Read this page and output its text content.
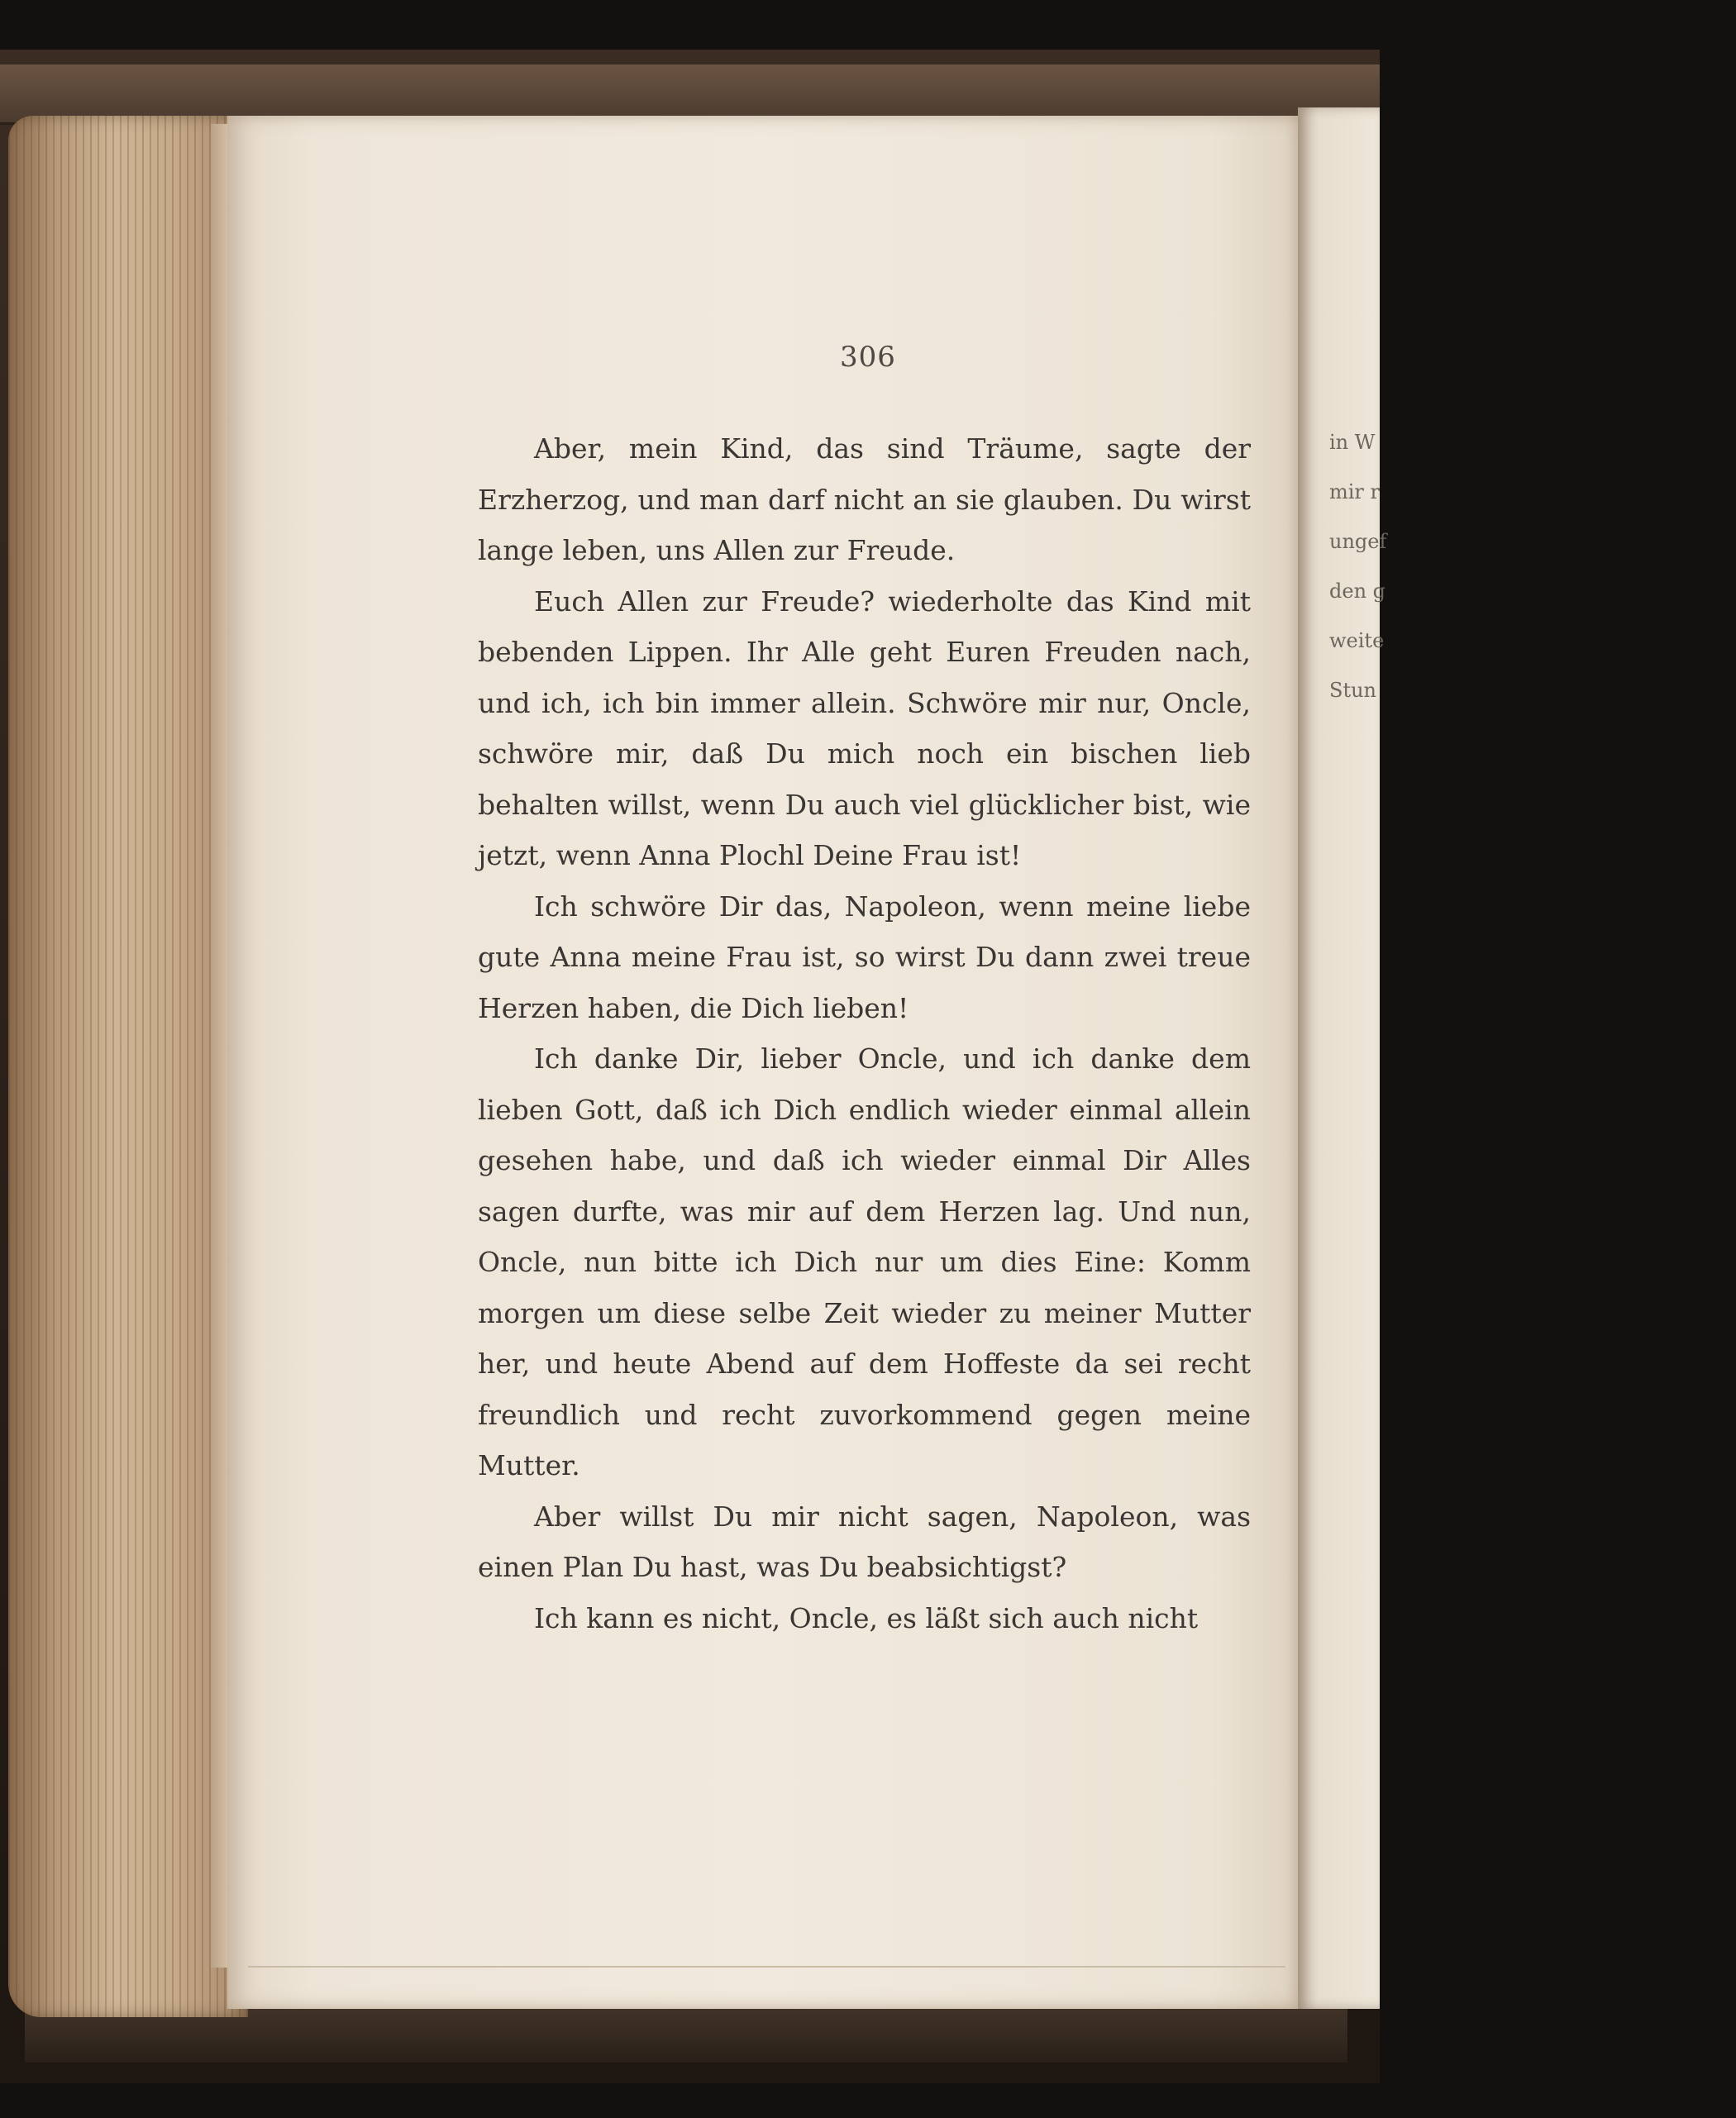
in W
mir r
ungef
den g
weite
Stun
306

Aber, mein Kind, das sind Träume, sagte der Erzherzog, und man darf nicht an sie glauben. Du wirst lange leben, uns Allen zur Freude.

Euch Allen zur Freude? wiederholte das Kind mit bebenden Lippen. Ihr Alle geht Euren Freuden nach, und ich, ich bin immer allein. Schwöre mir nur, Oncle, schwöre mir, daß Du mich noch ein bischen lieb behalten willst, wenn Du auch viel glücklicher bist, wie jetzt, wenn Anna Plochl Deine Frau ist!

Ich schwöre Dir das, Napoleon, wenn meine liebe gute Anna meine Frau ist, so wirst Du dann zwei treue Herzen haben, die Dich lieben!

Ich danke Dir, lieber Oncle, und ich danke dem lieben Gott, daß ich Dich endlich wieder einmal allein gesehen habe, und daß ich wieder einmal Dir Alles sagen durfte, was mir auf dem Herzen lag. Und nun, Oncle, nun bitte ich Dich nur um dies Eine: Komm morgen um diese selbe Zeit wieder zu meiner Mutter her, und heute Abend auf dem Hoffeste da sei recht freundlich und recht zuvorkommend gegen meine Mutter.

Aber willst Du mir nicht sagen, Napoleon, was einen Plan Du hast, was Du beabsichtigst?

Ich kann es nicht, Oncle, es läßt sich auch nicht
